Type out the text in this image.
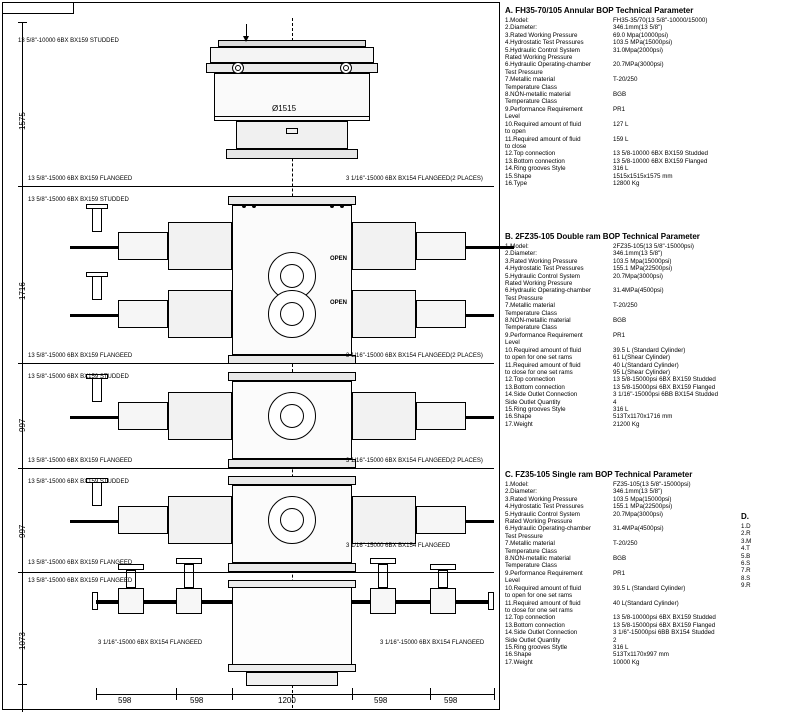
1575
1716
997
997
1073
Ø1515
13 5/8"-10000 6BX BX159 STUDDED
13 5/8"-15000 6BX BX159 FLANGEED
13 5/8"-15000 6BX BX159 STUDDED
3 1/16"-15000 6BX BX154 FLANGEED(2 PLACES)
OPEN
OPEN
13 5/8"-15000 6BX BX159 FLANGEED
13 5/8"-15000 6BX BX159 STUDDED
3 1/16"-15000 6BX BX154 FLANGEED(2 PLACES)
13 5/8"-15000 6BX BX159 FLANGEED
13 5/8"-15000 6BX BX159 STUDDED
3 1/16"-15000 6BX BX154 FLANGEED(2 PLACES)
13 5/8"-15000 6BX BX159 FLANGEED
13 5/8"-15000 6BX BX159 FLANGEED
3 1/16"-15000 6BX BX154 FLANGEED
3 1/16"-15000 6BX BX154 FLANGEED	3 1/16"-15000 6BX BX154 FLANGEED
598	598	1200	598	598
A. FH35-70/105 Annular BOP Technical Parameter
1.Model:	FH35-35/70(13 5/8"-10000/15000)
2.Diameter:	346.1mm(13 5/8")
3.Rated Working Pressure	69.0 Mpa(10000psi)
4.Hydrostatic Test Pressures	103.5 MPa(15000psi)
5.Hydraulic Control System	31.0Mpa(2000psi)
Rated Working Pressure
6.Hydraulic Operating-chamber	20.7MPa(3000psi)
Test Pressure
7.Metallic material	T-20/250
Temperature Class
8.NON-metallic material	BGB
Temperature Class
9.Performance Requirement	PR1
Level
10.Required amount of fluid	127 L
to open
11.Required amount of fluid	159 L
to close
12.Top connection	13 5/8-10000 6BX BX159 Studded
13.Bottom connection	13 5/8-10000 6BX BX159 Flanged
14.Ring grooves Style	316 L
15.Shape	1515x1515x1575 mm
16.Type	12800 Kg
B. 2FZ35-105 Double ram BOP Technical Parameter
1.Model:	2FZ35-105(13 5/8"-15000psi)
2.Diameter:	346.1mm(13 5/8")
3.Rated Working Pressure	103.5 Mpa(15000psi)
4.Hydrostatic Test Pressures	155.1 MPa(22500psi)
5.Hydraulic Control System	20.7Mpa(3000psi)
Rated Working Pressure
6.Hydraulic Operating-chamber	31.4MPa(4500psi)
Test Pressure
7.Metallic material	T-20/250
Temperature Class
8.NON-metallic material	BGB
Temperature Class
9.Performance Requirement	PR1
Level
10.Required amount of fluid	39.5 L (Standard Cylinder)
to open for one set rams	61 L(Shear Cylinder)
11.Required amount of fluid	40 L(Standard Cylinder)
to close for one set rams	95 L(Shear Cylinder)
12.Top connection	13 5/8-15000psi 6BX BX159 Studded
13.Bottom connection	13 5/8-15000psi 6BX BX159 Flanged
14.Side Outlet Connection	3 1/16"-15000psi 6BB BX154 Studded
Side Outlet Quantity	4
15.Ring grooves Style	316 L
16.Shape	513Tx1170x1716 mm
17.Weight	21200 Kg
C. FZ35-105 Single ram BOP Technical Parameter
1.Model:	FZ35-105(13 5/8"-15000psi)
2.Diameter:	346.1mm(13 5/8")
3.Rated Working Pressure	103.5 Mpa(15000psi)
4.Hydrostatic Test Pressures	155.1 MPa(22500psi)
5.Hydraulic Control System	20.7Mpa(3000psi)
Rated Working Pressure
6.Hydraulic Operating-chamber	31.4MPa(4500psi)
Test Pressure
7.Metallic material	T-20/250
Temperature Class
8.NON-metallic material	BGB
Temperature Class
9.Performance Requirement	PR1
Level
10.Required amount of fluid	39.5 L (Standard Cylinder)
to open for one set rams
11.Required amount of fluid	40 L(Standard Cylinder)
to close for one set rams
12.Top connection	13 5/8-10000psi 6BX BX159 Studded
13.Bottom connection	13 5/8-15000psi 6BX BX159 Flanged
14.Side Outlet Connection	3 1/6"-15000psi 6BB BX154 Studded
Side Outlet Quantity	2
15.Ring grooves Stytle	316 L
16.Shape	513Tx1170x997 mm
17.Weight	10000 Kg
D.
1.D
2.R
3.M
4.T
5.B
6.S
7.R
8.S
9.R
